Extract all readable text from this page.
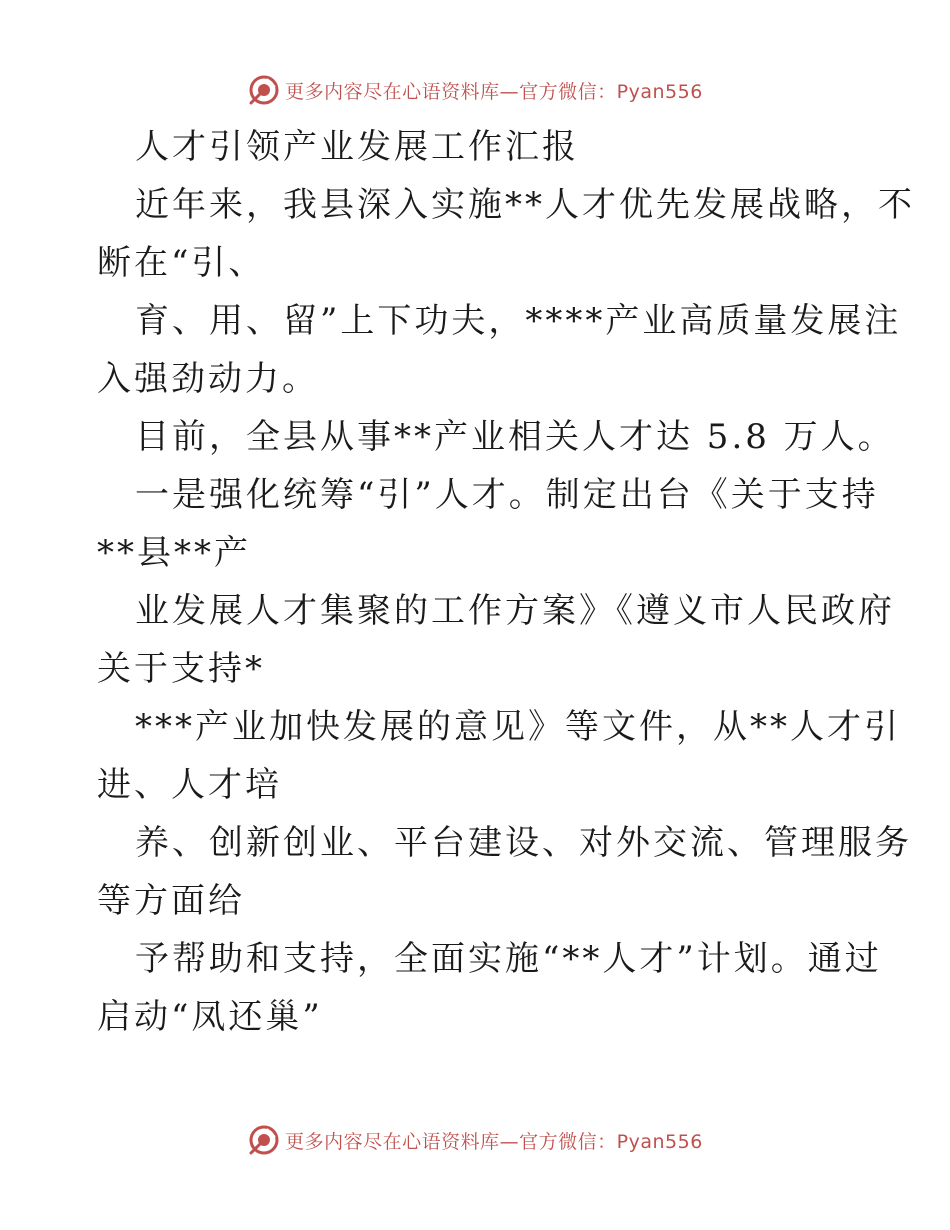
更多内容尽在心语资料库—官方微信：Pyan556
人才引领产业发展工作汇报
近年来，我县深入实施**人才优先发展战略，不
断在“引、
育、用、留”上下功夫，****产业高质量发展注
入强劲动力。
目前，全县从事**产业相关人才达 5.8 万人。
一是强化统筹“引”人才。制定出台《关于支持
**县**产
业发展人才集聚的工作方案》《遵义市人民政府
关于支持*
***产业加快发展的意见》等文件，从**人才引
进、人才培
养、创新创业、平台建设、对外交流、管理服务
等方面给
予帮助和支持，全面实施“**人才”计划。通过
启动“凤还巢”
更多内容尽在心语资料库—官方微信：Pyan556
